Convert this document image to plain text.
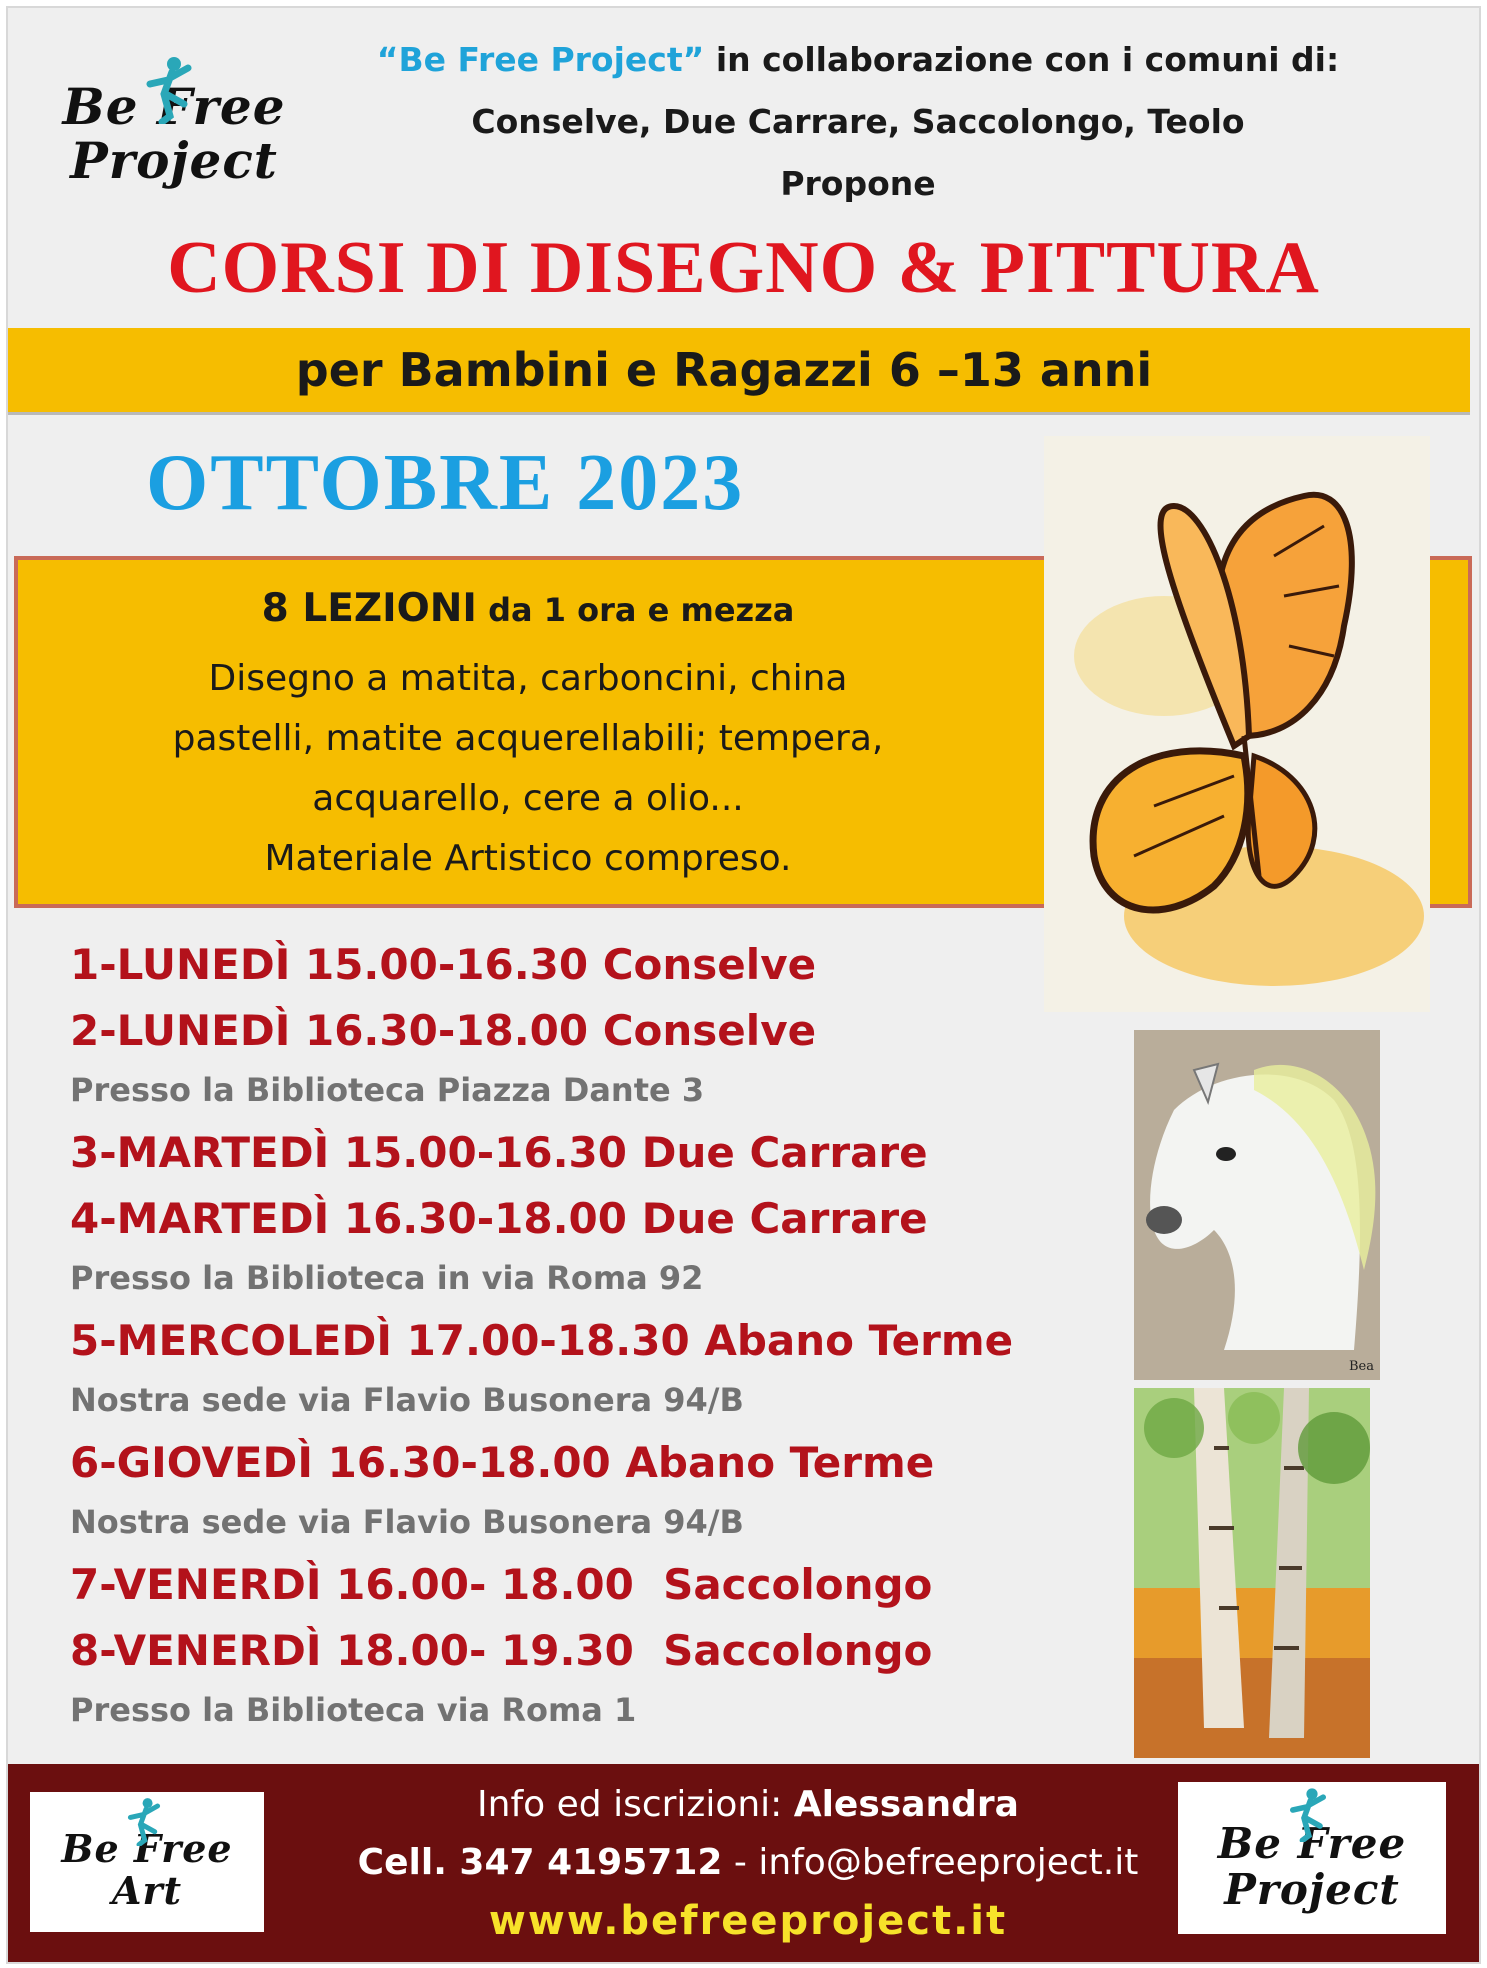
Be Free
Project
“Be Free Project” in collaborazione con i comuni di:
Conselve, Due Carrare, Saccolongo, Teolo
Propone
CORSI DI DISEGNO & PITTURA
per Bambini e Ragazzi 6 –13 anni
OTTOBRE 2023
8 LEZIONI da 1 ora e mezza
Disegno a matita, carboncini, china
pastelli, matite acquerellabili; tempera,
acquarello, cere a olio...
Materiale Artistico compreso.
Bea
1-LUNEDÌ 15.00-16.30 Conselve
2-LUNEDÌ 16.30-18.00 Conselve
Presso la Biblioteca Piazza Dante 3
3-MARTEDÌ 15.00-16.30 Due Carrare
4-MARTEDÌ 16.30-18.00 Due Carrare
Presso la Biblioteca in via Roma 92
5-MERCOLEDÌ 17.00-18.30 Abano Terme
Nostra sede via Flavio Busonera 94/B
6-GIOVEDÌ 16.30-18.00 Abano Terme
Nostra sede via Flavio Busonera 94/B
7-VENERDÌ 16.00- 18.00  Saccolongo
8-VENERDÌ 18.00- 19.30  Saccolongo
Presso la Biblioteca via Roma 1
Be Free
Art
Info ed iscrizioni: Alessandra
Cell. 347 4195712 - info@befreeproject.it
www.befreeproject.it
Be Free
Project
